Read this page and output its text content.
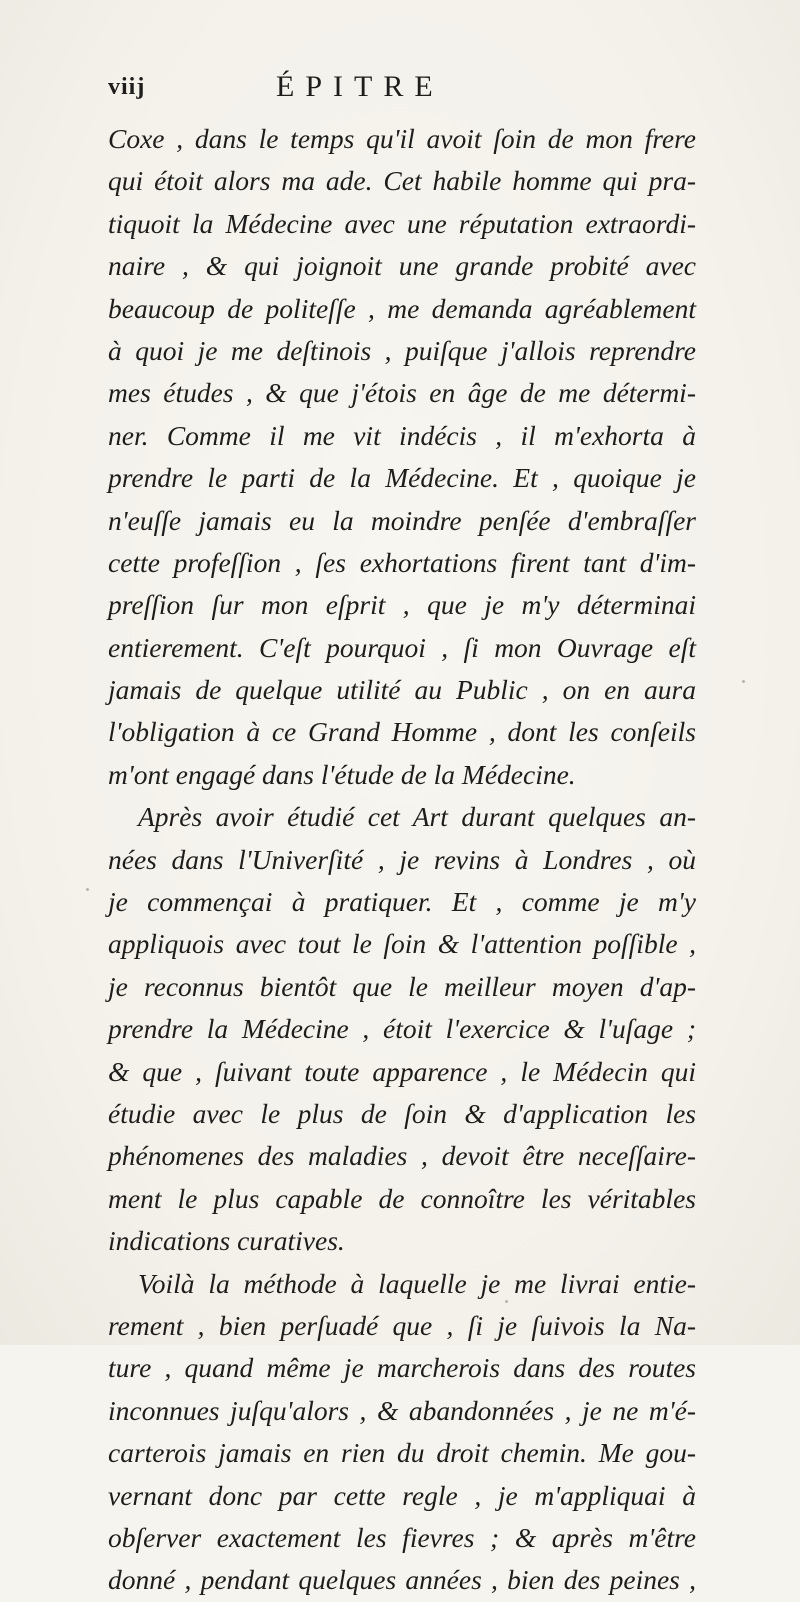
viij	ÉPITRE
Coxe , dans le temps qu'il avoit ſoin de mon frere
qui étoit alors ma ade. Cet habile homme qui pra-
tiquoit la Médecine avec une réputation extraordi-
naire , & qui joignoit une grande probité avec
beaucoup de politeſſe , me demanda agréablement
à quoi je me deſtinois , puiſque j'allois reprendre
mes études , & que j'étois en âge de me détermi-
ner. Comme il me vit indécis , il m'exhorta à
prendre le parti de la Médecine. Et , quoique je
n'euſſe jamais eu la moindre penſée d'embraſſer
cette profeſſion , ſes exhortations firent tant d'im-
preſſion ſur mon eſprit , que je m'y déterminai
entierement. C'eſt pourquoi , ſi mon Ouvrage eſt
jamais de quelque utilité au Public , on en aura
l'obligation à ce Grand Homme , dont les conſeils
m'ont engagé dans l'étude de la Médecine.
Après avoir étudié cet Art durant quelques an-
nées dans l'Univerſité , je revins à Londres , où
je commençai à pratiquer. Et , comme je m'y
appliquois avec tout le ſoin & l'attention poſſible ,
je reconnus bientôt que le meilleur moyen d'ap-
prendre la Médecine , étoit l'exercice & l'uſage ;
& que , ſuivant toute apparence , le Médecin qui
étudie avec le plus de ſoin & d'application les
phénomenes des maladies , devoit être neceſſaire-
ment le plus capable de connoître les véritables
indications curatives.
Voilà la méthode à laquelle je me livrai entie-
rement , bien perſuadé que , ſi je ſuivois la Na-
ture , quand même je marcherois dans des routes
inconnues juſqu'alors , & abandonnées , je ne m'é-
carterois jamais en rien du droit chemin. Me gou-
vernant donc par cette regle , je m'appliquai à
obſerver exactement les fievres ; & après m'être
donné , pendant quelques années , bien des peines ,
